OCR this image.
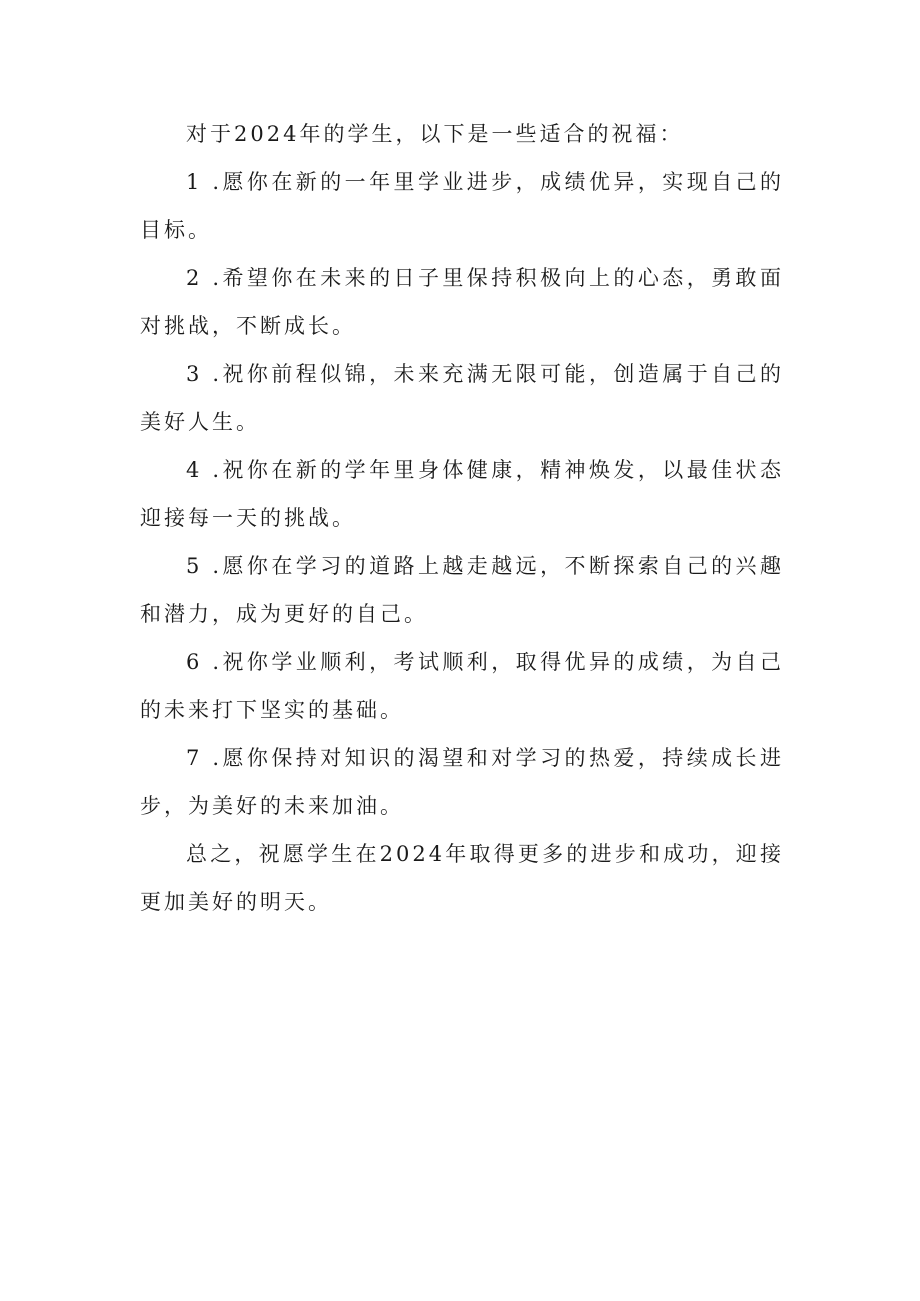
对于2024年的学生，以下是一些适合的祝福：

1 .愿你在新的一年里学业进步，成绩优异，实现自己的目标。

2 .希望你在未来的日子里保持积极向上的心态，勇敢面对挑战，不断成长。

3 .祝你前程似锦，未来充满无限可能，创造属于自己的美好人生。

4 .祝你在新的学年里身体健康，精神焕发，以最佳状态迎接每一天的挑战。

5 .愿你在学习的道路上越走越远，不断探索自己的兴趣和潜力，成为更好的自己。

6 .祝你学业顺利，考试顺利，取得优异的成绩，为自己的未来打下坚实的基础。

7 .愿你保持对知识的渴望和对学习的热爱，持续成长进步，为美好的未来加油。

总之，祝愿学生在2024年取得更多的进步和成功，迎接更加美好的明天。
